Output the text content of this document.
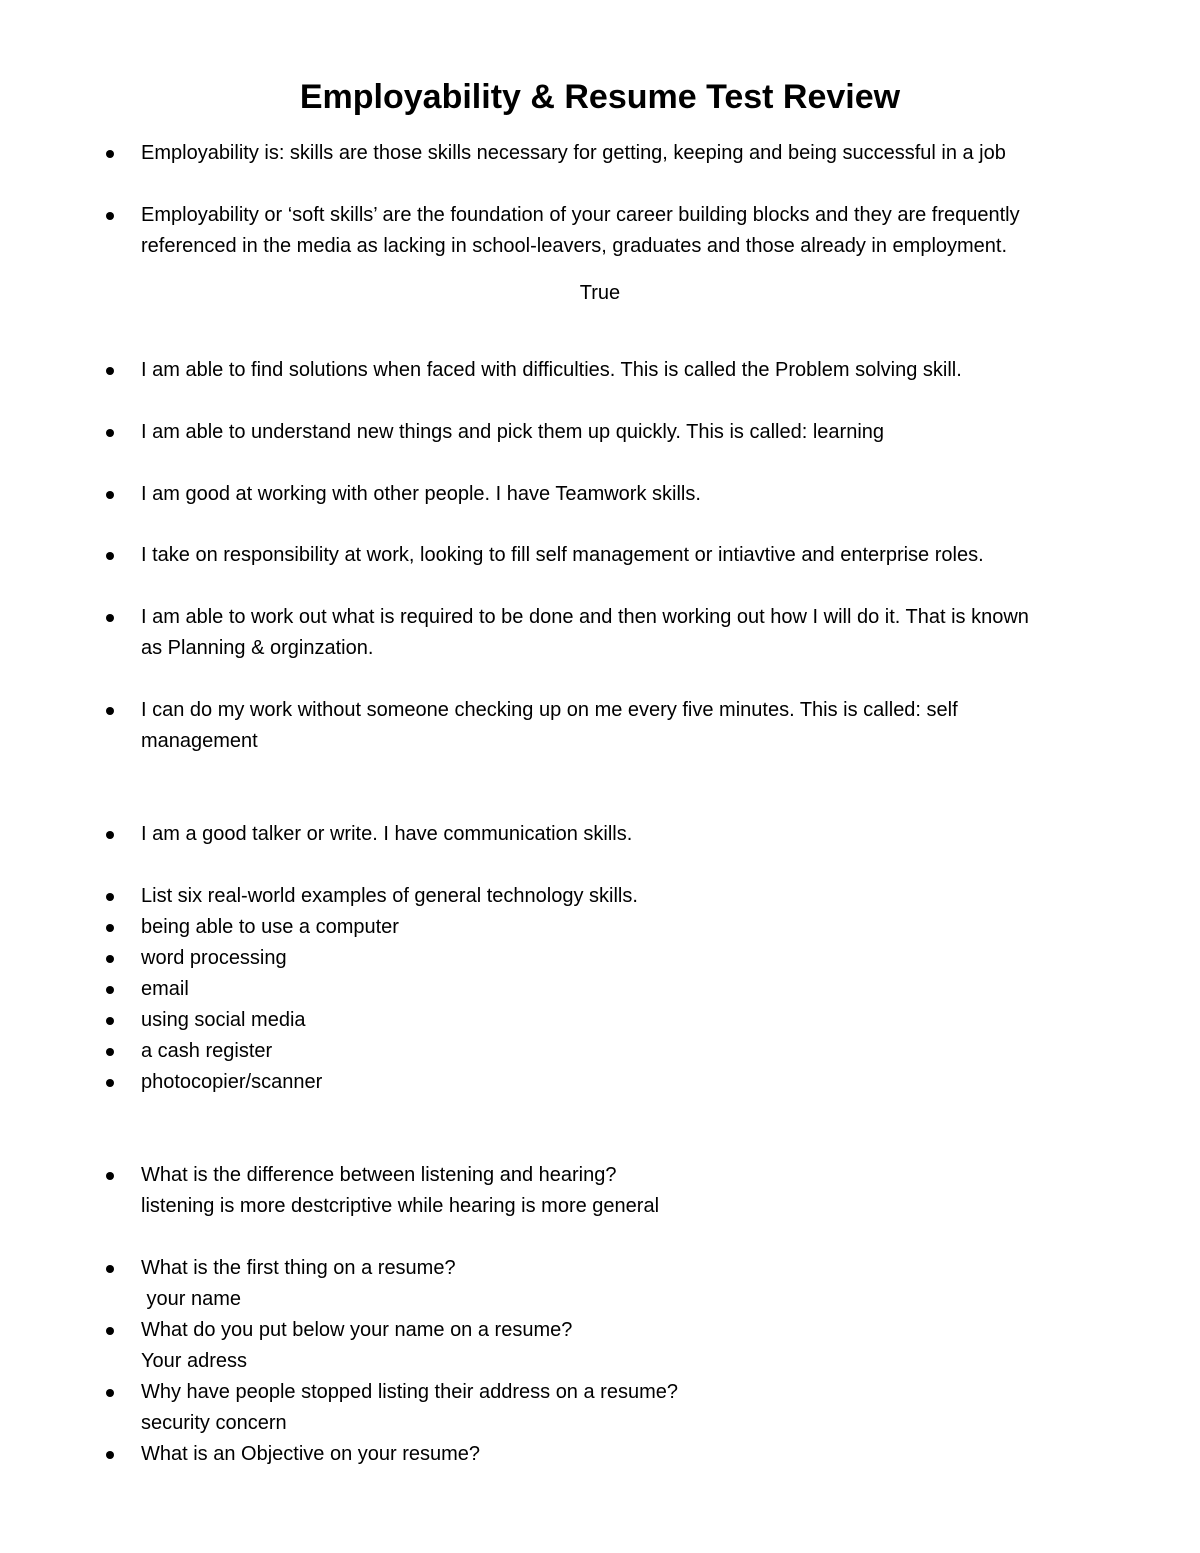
Employability & Resume Test Review
Employability is: skills are those skills necessary for getting, keeping and being successful in a job
Employability or ‘soft skills’ are the foundation of your career building blocks and they are frequently
referenced in the media as lacking in school-leavers, graduates and those already in employment.
True
I am able to find solutions when faced with difficulties. This is called the Problem solving skill.
I am able to understand new things and pick them up quickly. This is called: learning
I am good at working with other people. I have Teamwork skills.
I take on responsibility at work, looking to fill self management or intiavtive and enterprise roles.
I am able to work out what is required to be done and then working out how I will do it. That is known
as Planning & orginzation.
I can do my work without someone checking up on me every five minutes. This is called: self
management
I am a good talker or write. I have communication skills.
List six real-world examples of general technology skills.
being able to use a computer
word processing
email
using social media
a cash register
photocopier/scanner
What is the difference between listening and hearing?
listening is more destcriptive while hearing is more general
What is the first thing on a resume?
your name
What do you put below your name on a resume?
Your adress
Why have people stopped listing their address on a resume?
security concern
What is an Objective on your resume?
